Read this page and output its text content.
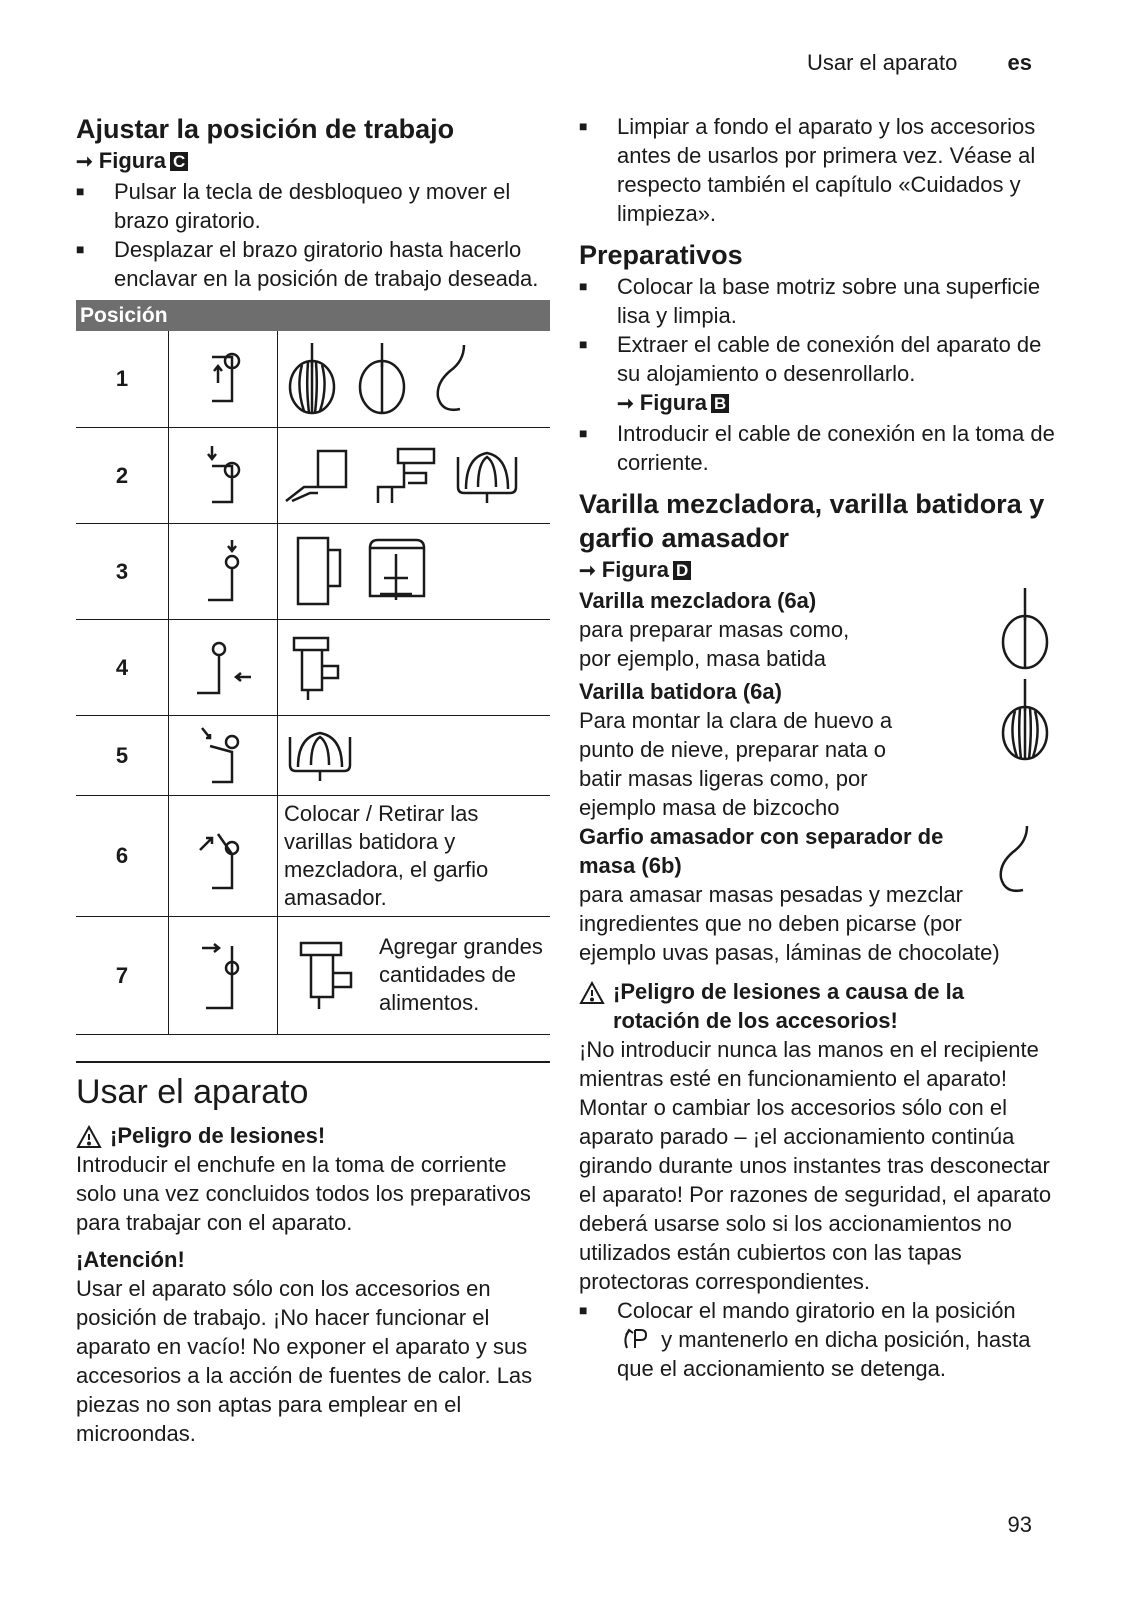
Usar el aparato es
Ajustar la posición de trabajo
➞ Figura C
■ Pulsar la tecla de desbloqueo y mover el brazo giratorio.
■ Desplazar el brazo giratorio hasta hacerlo enclavar en la posición de trabajo deseada.
Posición		
1		
2		
3		
4		
5		
6		Colocar / Retirar las varillas batidora y mezcladora, el garfio amasador.
7		Agregar grandes cantidades de alimentos.
Usar el aparato
¡Peligro de lesiones!

Introducir el enchufe en la toma de corriente solo una vez concluidos todos los preparativos para trabajar con el aparato.

¡Atención!

Usar el aparato sólo con los accesorios en posición de trabajo. ¡No hacer funcionar el aparato en vacío! No exponer el aparato y sus accesorios a la acción de fuentes de calor. Las piezas no son aptas para emplear en el microondas.

■ Limpiar a fondo el aparato y los accesorios antes de usarlos por primera vez. Véase al respecto también el capítulo «Cuidados y limpieza».
Preparativos
■ Colocar la base motriz sobre una superficie lisa y limpia.
■ Extraer el cable de conexión del aparato de su alojamiento o desenrollarlo.
➞ Figura B
■ Introducir el cable de conexión en la toma de corriente.
Varilla mezcladora, varilla batidora y garfio amasador
➞ Figura D
Varilla mezcladora (6a)
para preparar masas como, por ejemplo, masa batida
Varilla batidora (6a)
Para montar la clara de huevo a punto de nieve, preparar nata o batir masas ligeras como, por ejemplo masa de bizcocho
Garfio amasador con separador de masa (6b)
para amasar masas pesadas y mezclar ingredientes que no deben picarse (por ejemplo uvas pasas, láminas de chocolate)
¡Peligro de lesiones a causa de la rotación de los accesorios!

¡No introducir nunca las manos en el recipiente mientras esté en funcionamiento el aparato! Montar o cambiar los accesorios sólo con el aparato parado – ¡el accionamiento continúa girando durante unos instantes tras desconectar el aparato! Por razones de seguridad, el aparato deberá usarse solo si los accionamientos no utilizados están cubiertos con las tapas protectoras correspondientes.

■ Colocar el mando giratorio en la posición  y mantenerlo en dicha posición, hasta que el accionamiento se detenga.
93
